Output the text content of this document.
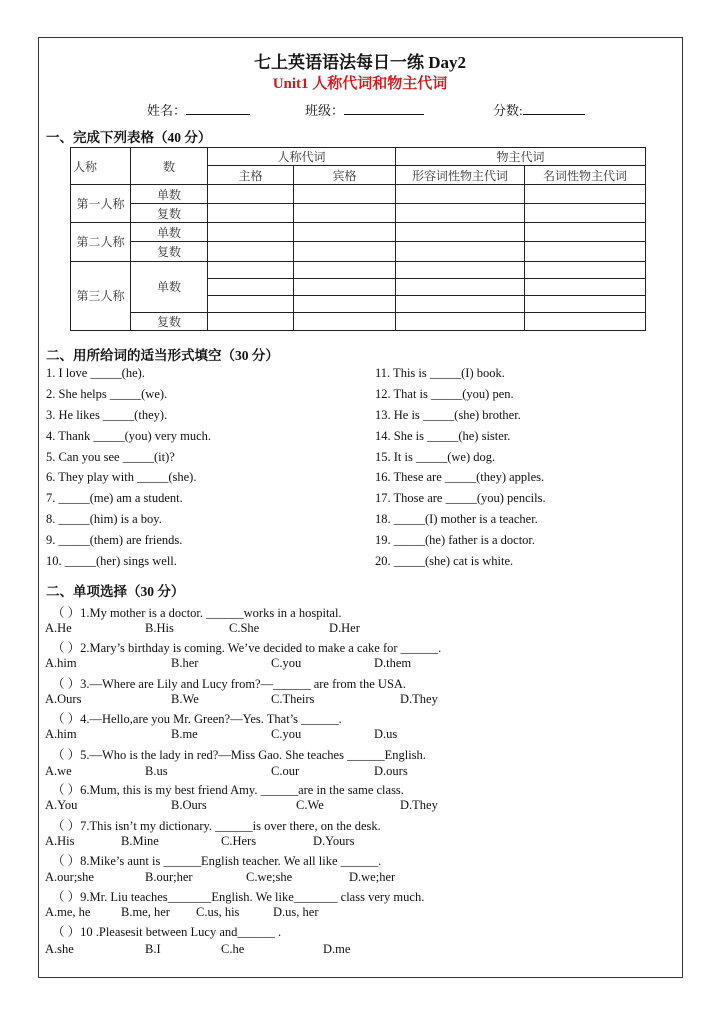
七上英语语法每日一练 Day2
Unit1 人称代词和物主代词
姓名：	班级：	分数:
一、完成下列表格（40 分）
人称	数	人称代词		物主代词	
		主格	宾格	形容词性物主代词	名词性物主代词
第一人称	单数				
	复数				
第二人称	单数				
	复数				
第三人称	单数				

	复数				
二、用所给词的适当形式填空（30 分）
1. I love _____(he).
2. She helps _____(we).
3. He likes _____(they).
4. Thank _____(you) very much.
5. Can you see _____(it)?
6. They play with _____(she).
7. _____(me) am a student.
8. _____(him) is a boy.
9. _____(them) are friends.
10. _____(her) sings well.
11. This is _____(I) book.
12. That is _____(you) pen.
13. He is _____(she) brother.
14. She is _____(he) sister.
15. It is _____(we) dog.
16. These are _____(they) apples.
17. Those are _____(you) pencils.
18. _____(I) mother is a teacher.
19. _____(he) father is a doctor.
20. _____(she) cat is white.
二、单项选择（30 分）
（ ）1.My mother is a doctor. ______works in a hospital.
A.He	B.His	C.She	D.Her
（ ）2.Mary’s birthday is coming. We’ve decided to make a cake for ______.
A.him	B.her	C.you	D.them
（ ）3.—Where are Lily and Lucy from?—______ are from the USA.
A.Ours	B.We	C.Theirs	D.They
（ ）4.—Hello,are you Mr. Green?—Yes. That’s ______.
A.him	B.me	C.you	D.us
（ ）5.—Who is the lady in red?—Miss Gao. She teaches ______English.
A.we	B.us	C.our	D.ours
（ ）6.Mum, this is my best friend Amy. ______are in the same class.
A.You	B.Ours	C.We	D.They
（ ）7.This isn’t my dictionary. ______is over there, on the desk.
A.His	B.Mine	C.Hers	D.Yours
（ ）8.Mike’s aunt is ______English teacher. We all like ______.
A.our;she	B.our;her	C.we;she	D.we;her
（ ）9.Mr. Liu teaches_______English. We like_______ class very much.
A.me, he B.me, her C.us, his	D.us, her
（ ）10 .Pleasesit between Lucy and______ .
A.she	B.I	C.he	D.me
